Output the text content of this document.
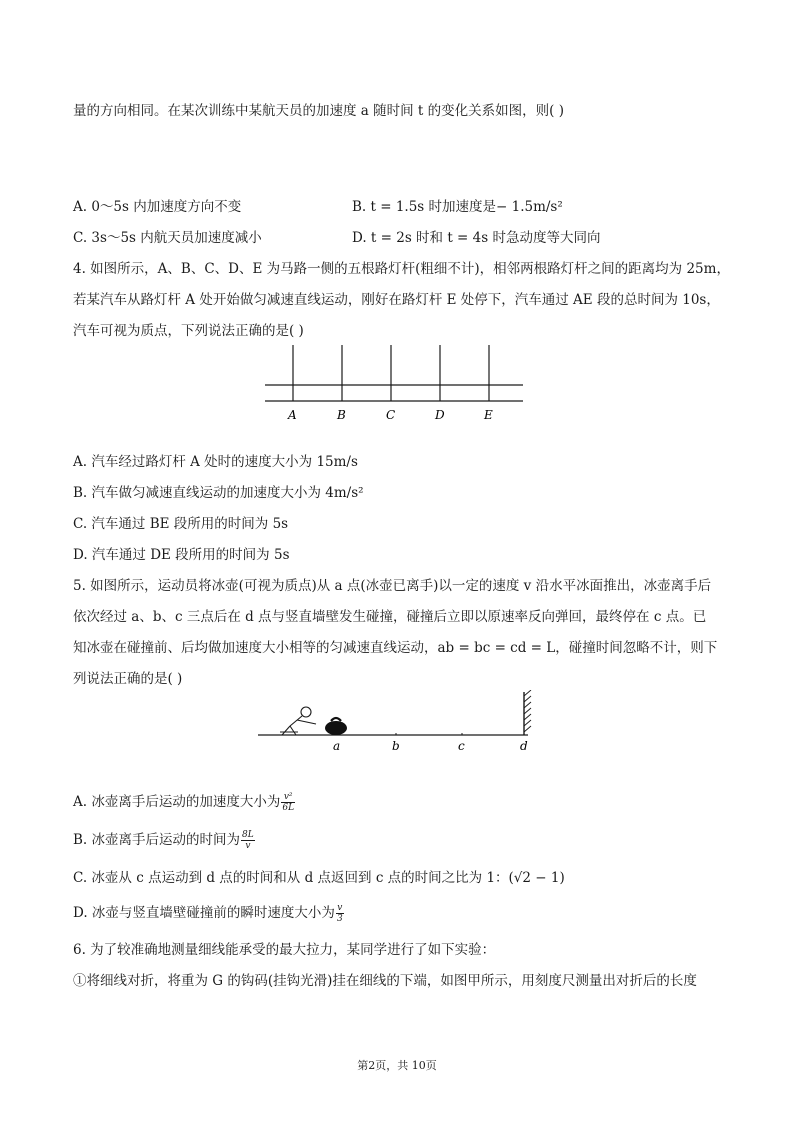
量的方向相同。在某次训练中某航天员的加速度 a 随时间 t 的变化关系如图，则( )
A. 0～5s 内加速度方向不变	B. t = 1.5s 时加速度是− 1.5m/s²
C. 3s～5s 内航天员加速度减小	D. t = 2s 时和 t = 4s 时急动度等大同向
4. 如图所示，A、B、C、D、E 为马路一侧的五根路灯杆(粗细不计)，相邻两根路灯杆之间的距离均为 25m，
若某汽车从路灯杆 A 处开始做匀减速直线运动，刚好在路灯杆 E 处停下，汽车通过 AE 段的总时间为 10s，
汽车可视为质点，下列说法正确的是( )
A	B	C	D	E
A. 汽车经过路灯杆 A 处时的速度大小为 15m/s
B. 汽车做匀减速直线运动的加速度大小为 4m/s²
C. 汽车通过 BE 段所用的时间为 5s
D. 汽车通过 DE 段所用的时间为 5s
5. 如图所示，运动员将冰壶(可视为质点)从 a 点(冰壶已离手)以一定的速度 v 沿水平冰面推出，冰壶离手后
依次经过 a、b、c 三点后在 d 点与竖直墙壁发生碰撞，碰撞后立即以原速率反向弹回，最终停在 c 点。已
知冰壶在碰撞前、后均做加速度大小相等的匀减速直线运动，ab = bc = cd = L，碰撞时间忽略不计，则下
列说法正确的是( )
a	b	c	d
A. 冰壶离手后运动的加速度大小为 $\frac{\text{v²}}{6L}$
B. 冰壶离手后运动的时间为 $\frac{8L}{v}$
C. 冰壶从 c 点运动到 d 点的时间和从 d 点返回到 c 点的时间之比为 1：(√2 − 1)
D. 冰壶与竖直墙壁碰撞前的瞬时速度大小为 $\frac{v}{3}$
6. 为了较准确地测量细线能承受的最大拉力，某同学进行了如下实验：
①将细线对折，将重为 G 的钩码(挂钩光滑)挂在细线的下端，如图甲所示，用刻度尺测量出对折后的长度
第2页，共 10页
